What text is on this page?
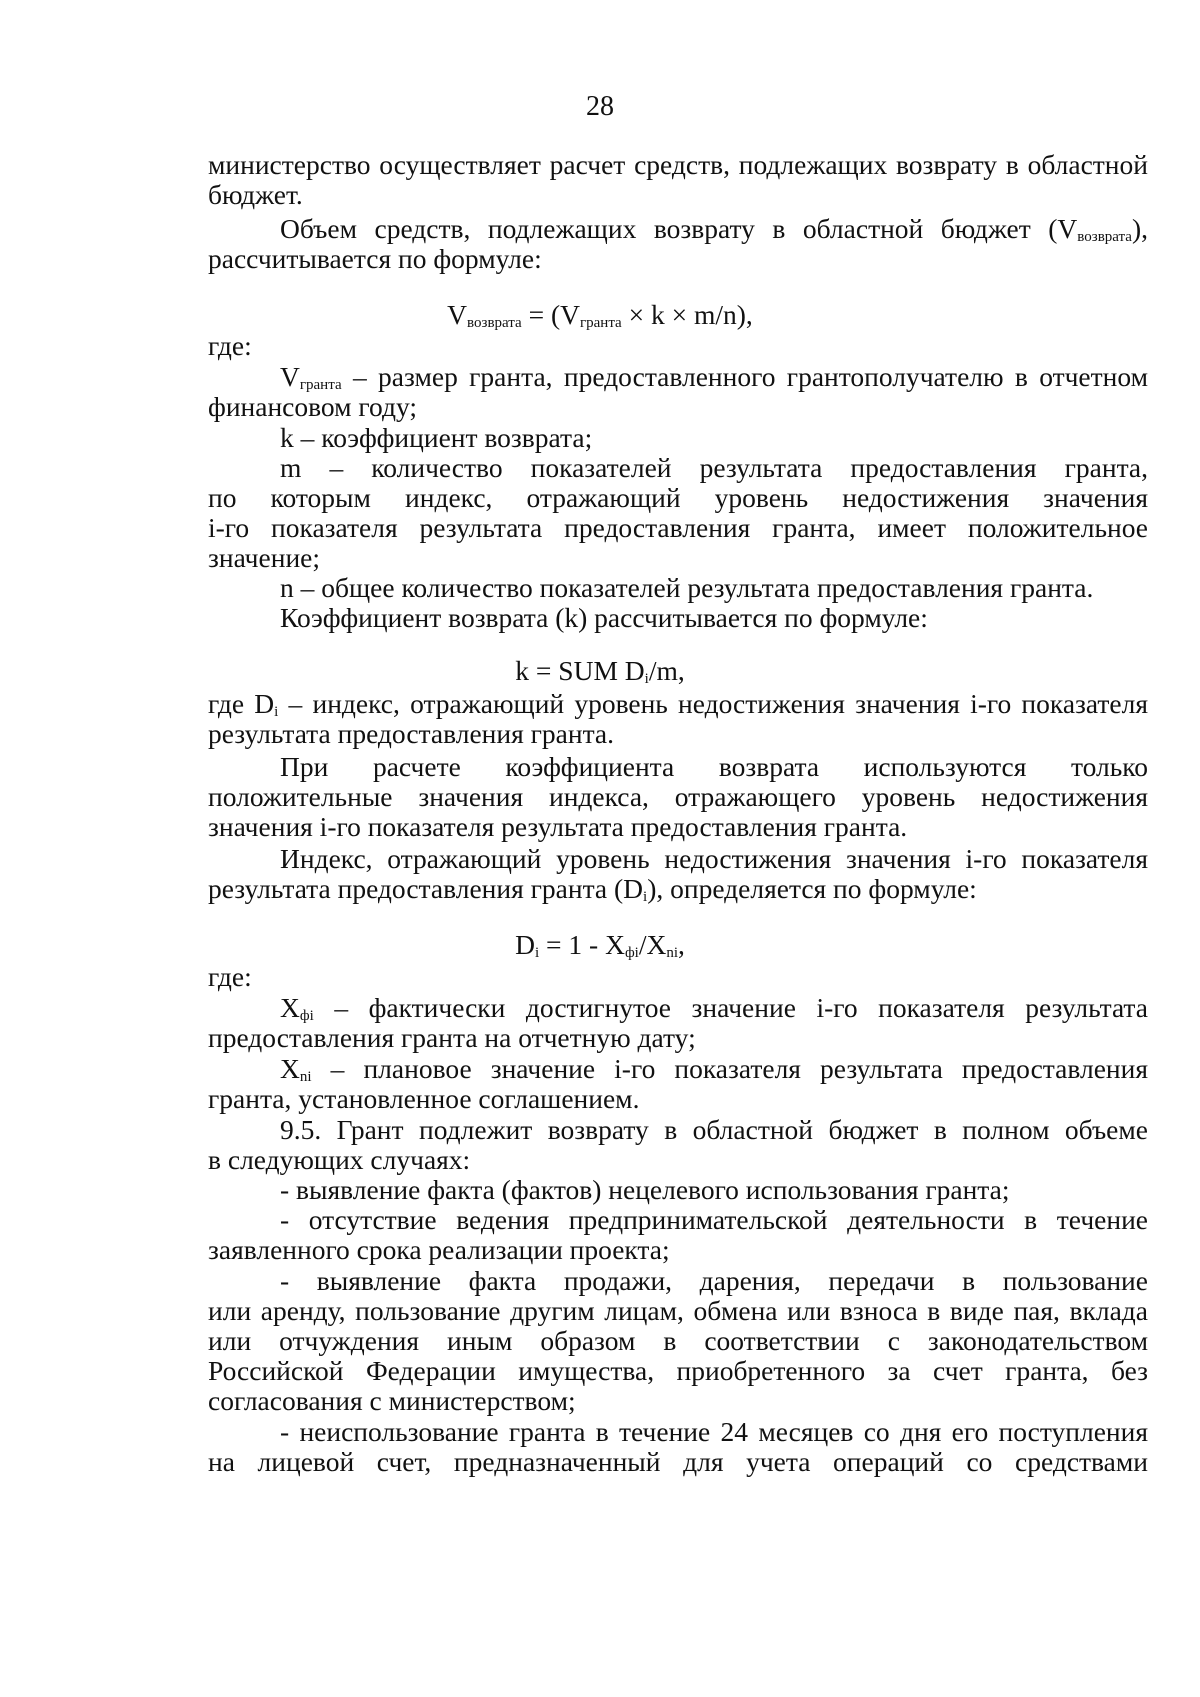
28
министерство осуществляет расчет средств, подлежащих возврату в областной
бюджет.
Объем средств, подлежащих возврату в областной бюджет $(V_{возврата})$,
рассчитывается по формуле:
$V_{возврата} = (V_{гранта} \times k \times m/n)$,
где:
$V_{гранта}$ – размер гранта, предоставленного грантополучателю в отчетном
финансовом году;
k – коэффициент возврата;
m – количество показателей результата предоставления гранта,
по которым индекс, отражающий уровень недостижения значения
i-го показателя результата предоставления гранта, имеет положительное
значение;
n – общее количество показателей результата предоставления гранта.
Коэффициент возврата (k) рассчитывается по формуле:
k = SUM $D_i/m$,
где $D_i$ – индекс, отражающий уровень недостижения значения i-го показателя
результата предоставления гранта.
При расчете коэффициента возврата используются только
положительные значения индекса, отражающего уровень недостижения
значения i-го показателя результата предоставления гранта.
Индекс, отражающий уровень недостижения значения i-го показателя
результата предоставления гранта $(D_i)$, определяется по формуле:
$D_i = 1 - X_{фi}/X_{ni}$,
где:
$X_{фi}$ – фактически достигнутое значение i-го показателя результата
предоставления гранта на отчетную дату;
$X_{ni}$ – плановое значение i-го показателя результата предоставления
гранта, установленное соглашением.
9.5. Грант подлежит возврату в областной бюджет в полном объеме
в следующих случаях:
- выявление факта (фактов) нецелевого использования гранта;
- отсутствие ведения предпринимательской деятельности в течение
заявленного срока реализации проекта;
- выявление факта продажи, дарения, передачи в пользование
или аренду, пользование другим лицам, обмена или взноса в виде пая, вклада
или отчуждения иным образом в соответствии с законодательством
Российской Федерации имущества, приобретенного за счет гранта, без
согласования с министерством;
- неиспользование гранта в течение 24 месяцев со дня его поступления
на лицевой счет, предназначенный для учета операций со средствами
